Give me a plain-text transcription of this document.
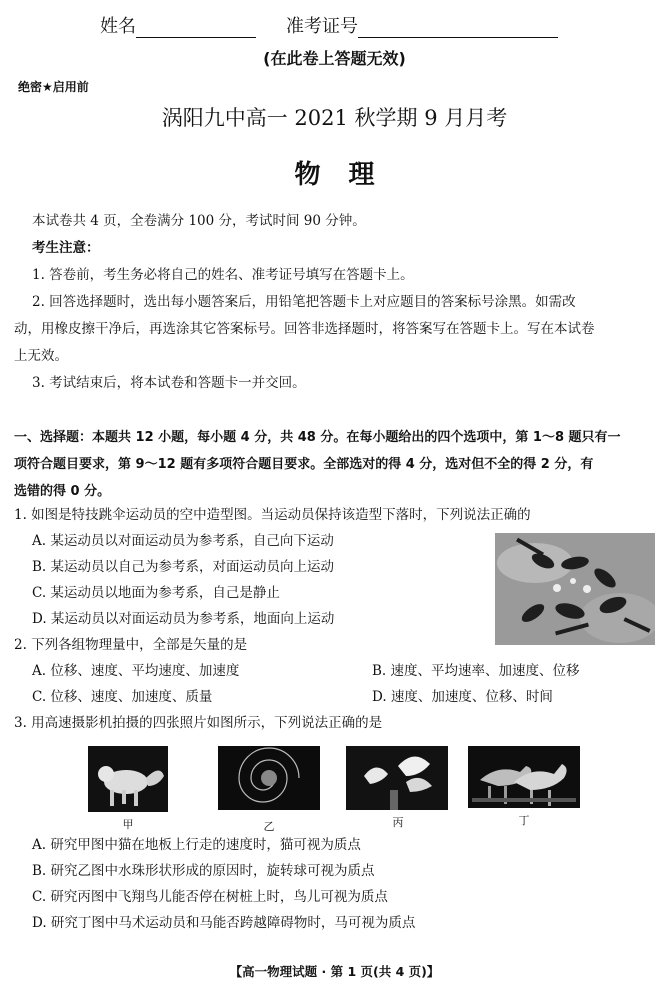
姓名	准考证号
(在此卷上答题无效)
绝密★启用前
涡阳九中高一 2021 秋学期 9 月月考
物理
本试卷共 4 页，全卷满分 100 分，考试时间 90 分钟。
考生注意：
1. 答卷前，考生务必将自己的姓名、准考证号填写在答题卡上。
2. 回答选择题时，选出每小题答案后，用铅笔把答题卡上对应题目的答案标号涂黑。如需改
动，用橡皮擦干净后，再选涂其它答案标号。回答非选择题时，将答案写在答题卡上。写在本试卷
上无效。
3. 考试结束后，将本试卷和答题卡一并交回。
一、选择题：本题共 12 小题，每小题 4 分，共 48 分。在每小题给出的四个选项中，第 1～8 题只有一
项符合题目要求，第 9～12 题有多项符合题目要求。全部选对的得 4 分，选对但不全的得 2 分，有
选错的得 0 分。
1. 如图是特技跳伞运动员的空中造型图。当运动员保持该造型下落时，下列说法正确的
A. 某运动员以对面运动员为参考系，自己向下运动
B. 某运动员以自己为参考系，对面运动员向上运动
C. 某运动员以地面为参考系，自己是静止
D. 某运动员以对面运动员为参考系，地面向上运动
2. 下列各组物理量中，全部是矢量的是
A. 位移、速度、平均速度、加速度	B. 速度、平均速率、加速度、位移
C. 位移、速度、加速度、质量	D. 速度、加速度、位移、时间
3. 用高速摄影机拍摄的四张照片如图所示，下列说法正确的是
甲	乙	丙	丁
A. 研究甲图中猫在地板上行走的速度时，猫可视为质点
B. 研究乙图中水珠形状形成的原因时，旋转球可视为质点
C. 研究丙图中飞翔鸟儿能否停在树桩上时，鸟儿可视为质点
D. 研究丁图中马术运动员和马能否跨越障碍物时，马可视为质点
【高一物理试题 · 第 1 页(共 4 页)】
